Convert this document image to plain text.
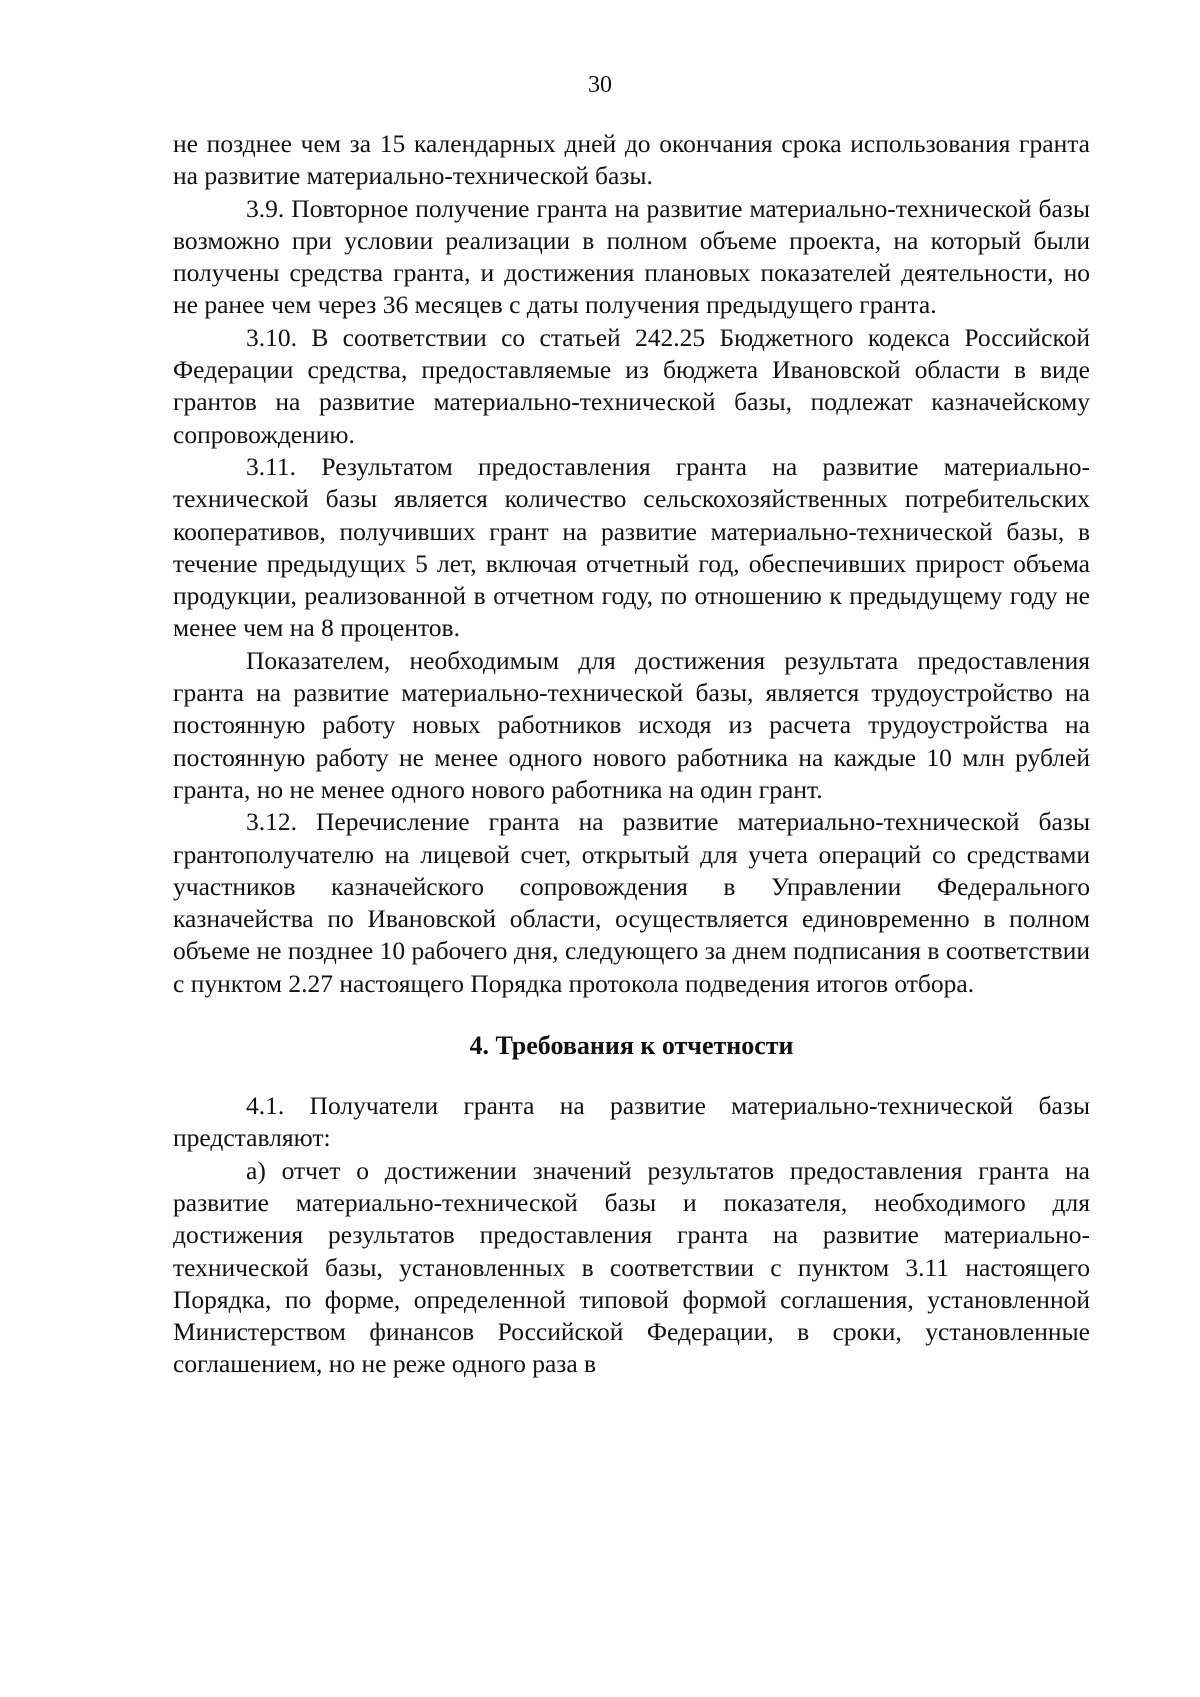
30

не позднее чем за 15 календарных дней до окончания срока использования гранта на развитие материально-технической базы.

3.9. Повторное получение гранта на развитие материально-технической базы возможно при условии реализации в полном объеме проекта, на который были получены средства гранта, и достижения плановых показателей деятельности, но не ранее чем через 36 месяцев с даты получения предыдущего гранта.

3.10. В соответствии со статьей 242.25 Бюджетного кодекса Российской Федерации средства, предоставляемые из бюджета Ивановской области в виде грантов на развитие материально-технической базы, подлежат казначейскому сопровождению.

3.11. Результатом предоставления гранта на развитие материально-технической базы является количество сельскохозяйственных потребительских кооперативов, получивших грант на развитие материально-технической базы, в течение предыдущих 5 лет, включая отчетный год, обеспечивших прирост объема продукции, реализованной в отчетном году, по отношению к предыдущему году не менее чем на 8 процентов.

Показателем, необходимым для достижения результата предоставления гранта на развитие материально-технической базы, является трудоустройство на постоянную работу новых работников исходя из расчета трудоустройства на постоянную работу не менее одного нового работника на каждые 10 млн рублей гранта, но не менее одного нового работника на один грант.

3.12. Перечисление гранта на развитие материально-технической базы грантополучателю на лицевой счет, открытый для учета операций со средствами участников казначейского сопровождения в Управлении Федерального казначейства по Ивановской области, осуществляется единовременно в полном объеме не позднее 10 рабочего дня, следующего за днем подписания в соответствии с пунктом 2.27 настоящего Порядка протокола подведения итогов отбора.

4. Требования к отчетности

4.1. Получатели гранта на развитие материально-технической базы представляют:

а) отчет о достижении значений результатов предоставления гранта на развитие материально-технической базы и показателя, необходимого для достижения результатов предоставления гранта на развитие материально-технической базы, установленных в соответствии с пунктом 3.11 настоящего Порядка, по форме, определенной типовой формой соглашения, установленной Министерством финансов Российской Федерации, в сроки, установленные соглашением, но не реже одного раза в
